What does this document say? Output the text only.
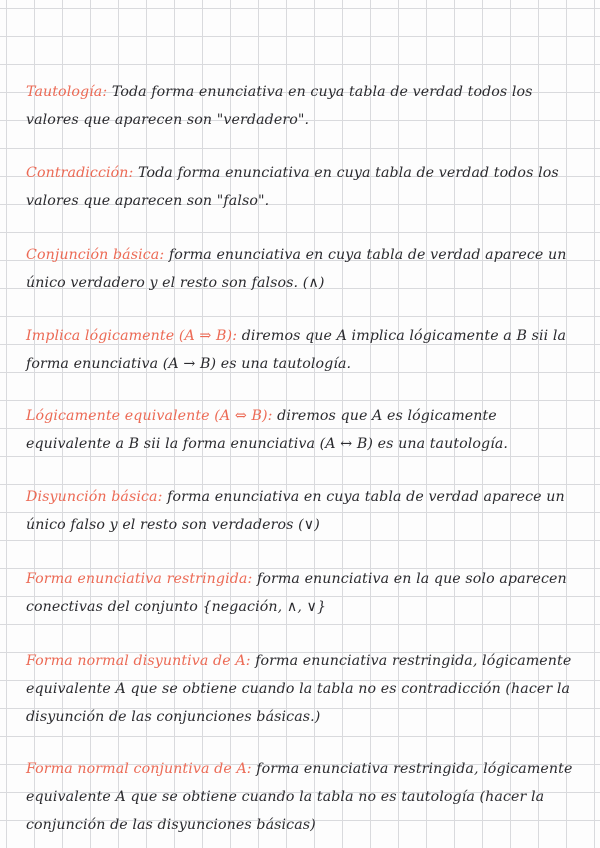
Tautología: Toda forma enunciativa en cuya tabla de verdad todos los valores que aparecen son "verdadero".
Contradicción: Toda forma enunciativa en cuya tabla de verdad todos los valores que aparecen son "falso".
Conjunción básica: forma enunciativa en cuya tabla de verdad aparece un único verdadero y el resto son falsos. (∧)
Implica lógicamente (A ⇒ B): diremos que A implica lógicamente a B sii la forma enunciativa (A → B) es una tautología.
Lógicamente equivalente (A ⇔ B): diremos que A es lógicamente equivalente a B sii la forma enunciativa (A ↔ B) es una tautología.
Disyunción básica: forma enunciativa en cuya tabla de verdad aparece un único falso y el resto son verdaderos (∨)
Forma enunciativa restringida: forma enunciativa en la que solo aparecen conectivas del conjunto {negación, ∧, ∨}
Forma normal disyuntiva de A: forma enunciativa restringida, lógicamente equivalente A que se obtiene cuando la tabla no es contradicción (hacer la disyunción de las conjunciones básicas.)
Forma normal conjuntiva de A: forma enunciativa restringida, lógicamente equivalente A que se obtiene cuando la tabla no es tautología (hacer la conjunción de las disyunciones básicas)
